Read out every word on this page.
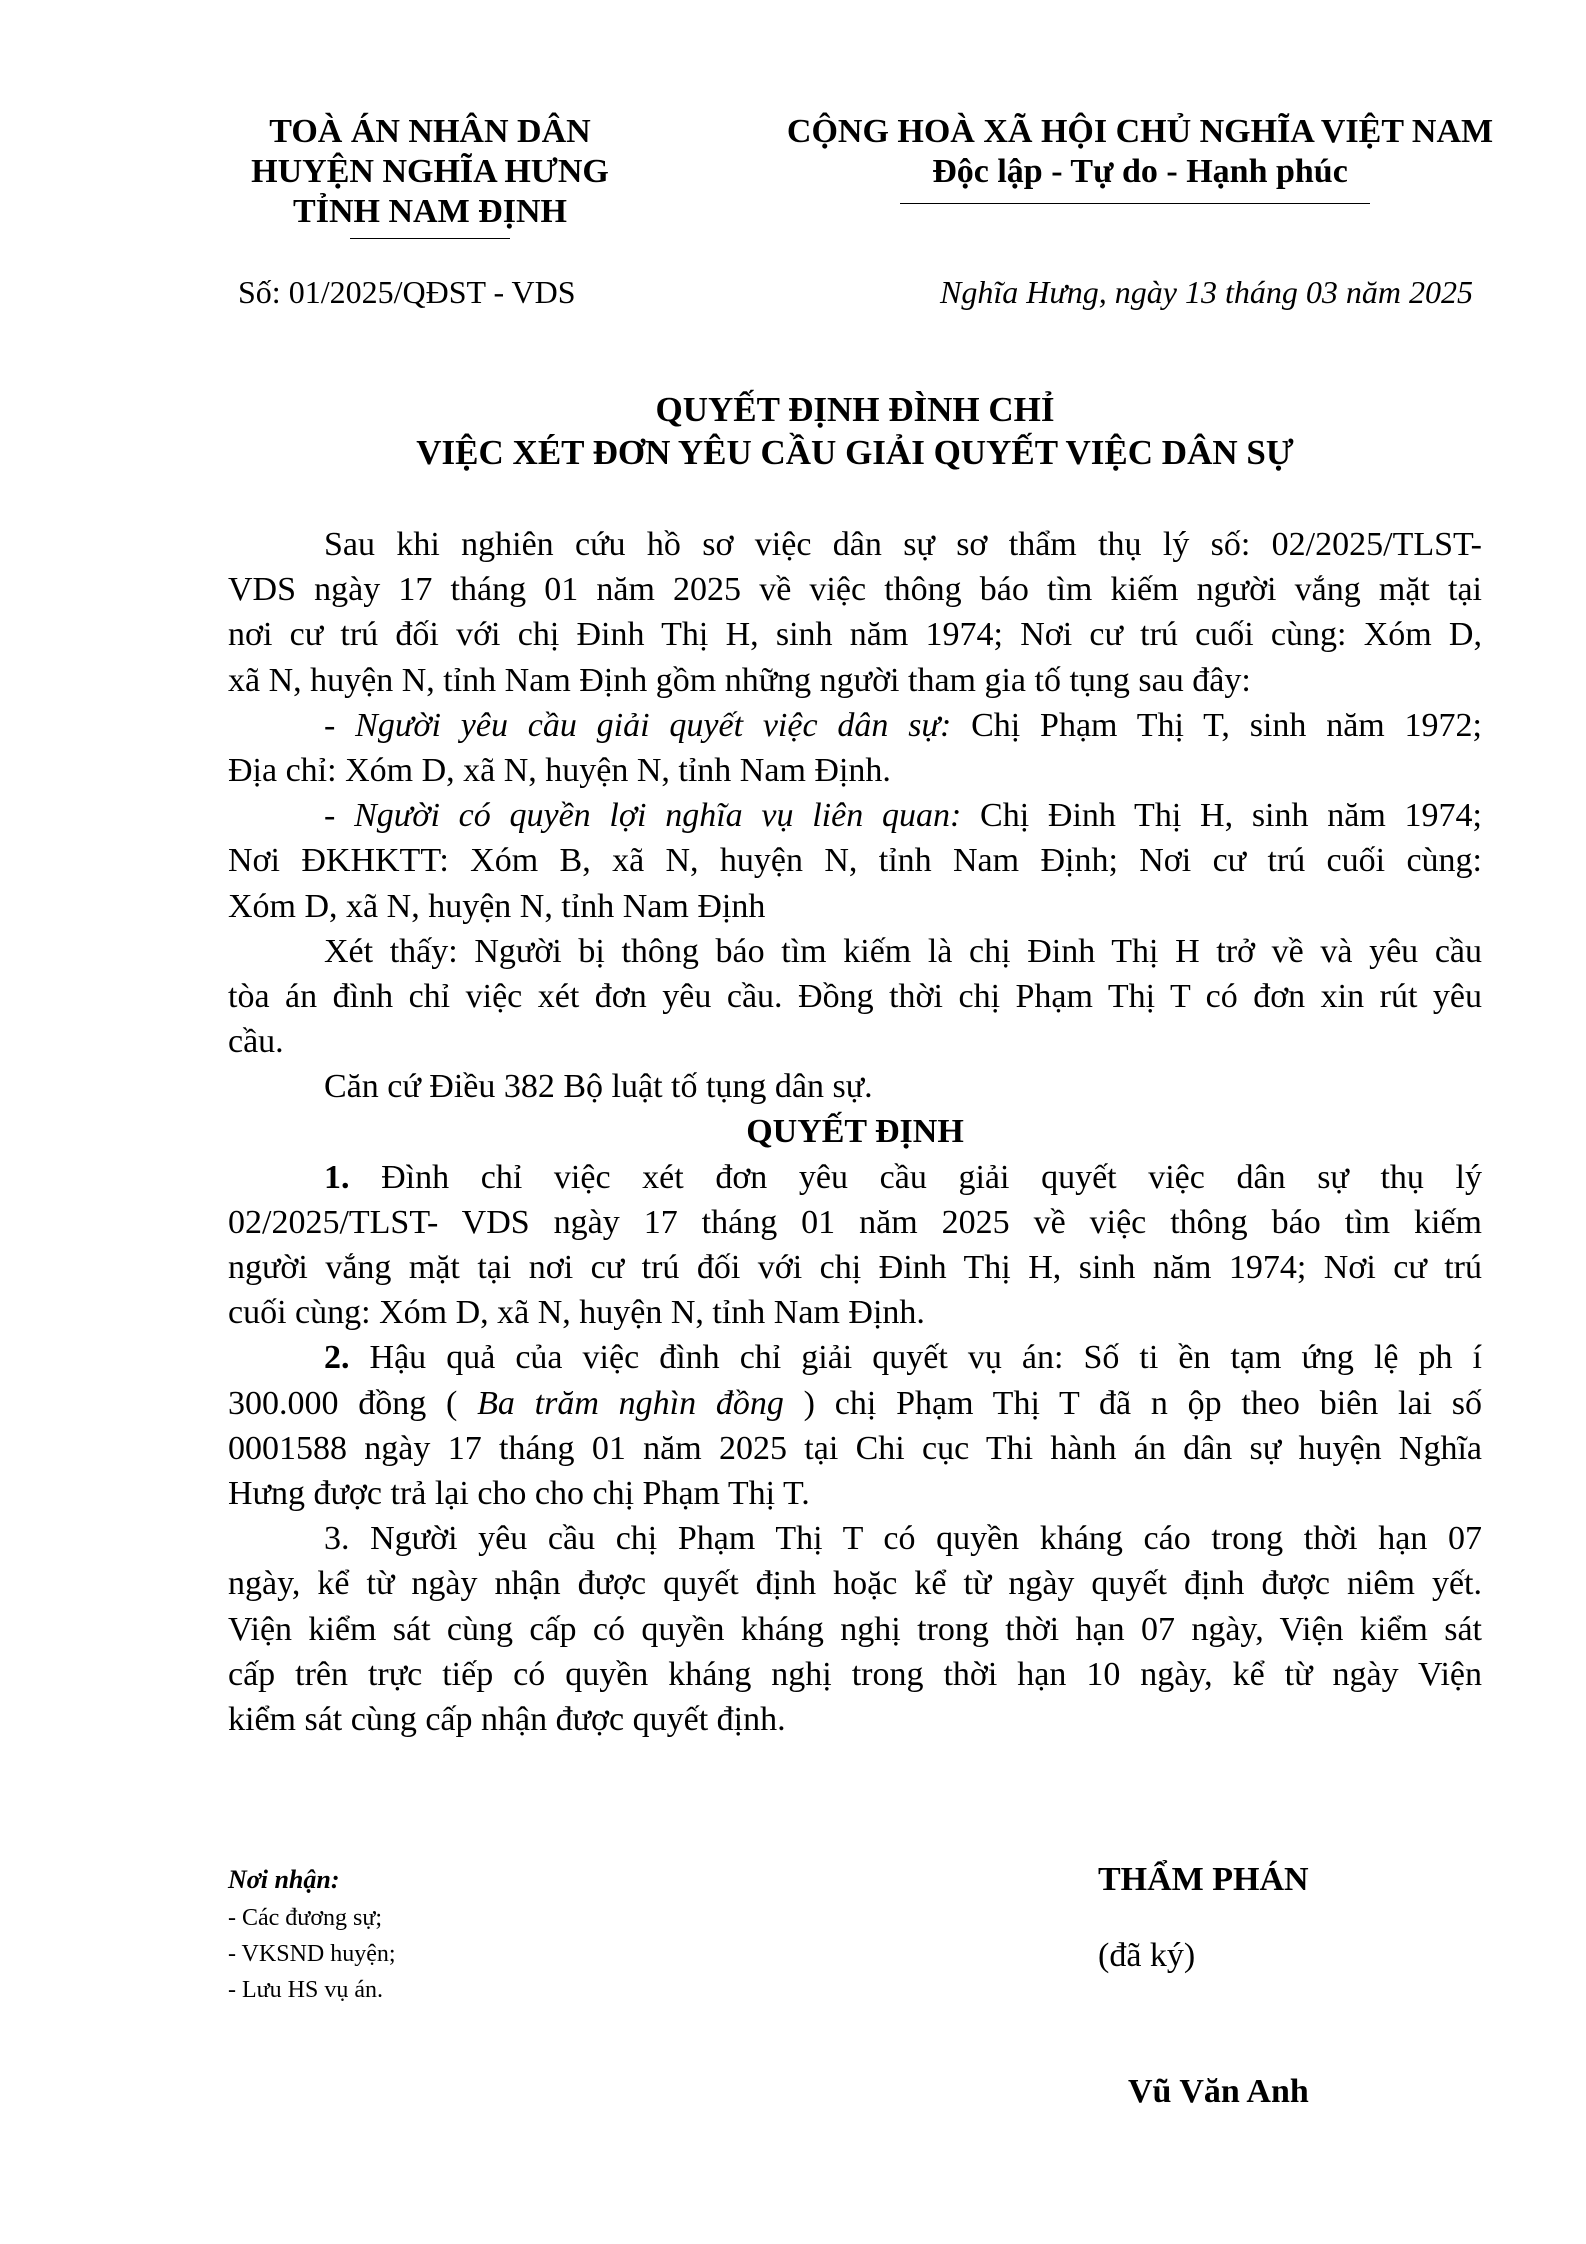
TOÀ ÁN NHÂN DÂN
HUYỆN NGHĨA HƯNG
TỈNH NAM ĐỊNH
Số: 01/2025/QĐST - VDS
CỘNG HOÀ XÃ HỘI CHỦ NGHĨA VIỆT NAM
Độc lập - Tự do - Hạnh phúc
Nghĩa Hưng, ngày 13 tháng 03 năm 2025
QUYẾT ĐỊNH ĐÌNH CHỈ
VIỆC XÉT ĐƠN YÊU CẦU GIẢI QUYẾT VIỆC DÂN SỰ
Sau khi nghiên cứu hồ sơ việc dân sự sơ thẩm thụ lý số: 02/2025/TLST-
VDS ngày 17 tháng 01 năm 2025 về việc thông báo tìm kiếm người vắng mặt tại
nơi cư trú đối với chị Đinh Thị H, sinh năm 1974; Nơi cư trú cuối cùng: Xóm D,
xã N, huyện N, tỉnh Nam Định gồm những người tham gia tố tụng sau đây:
- Người yêu cầu giải quyết việc dân sự: Chị Phạm Thị T, sinh năm 1972;
Địa chỉ: Xóm D, xã N, huyện N, tỉnh Nam Định.
- Người có quyền lợi nghĩa vụ liên quan: Chị Đinh Thị H, sinh năm 1974;
Nơi ĐKHKTT: Xóm B, xã N, huyện N, tỉnh Nam Định; Nơi cư trú cuối cùng:
Xóm D, xã N, huyện N, tỉnh Nam Định
Xét thấy: Người bị thông báo tìm kiếm là chị Đinh Thị H trở về và yêu cầu
tòa án đình chỉ việc xét đơn yêu cầu. Đồng thời chị Phạm Thị T có đơn xin rút yêu
cầu.
Căn cứ Điều 382 Bộ luật tố tụng dân sự.
QUYẾT ĐỊNH
1. Đình chỉ việc xét đơn yêu cầu giải quyết việc dân sự thụ lý
02/2025/TLST- VDS ngày 17 tháng 01 năm 2025 về việc thông báo tìm kiếm
người vắng mặt tại nơi cư trú đối với chị Đinh Thị H, sinh năm 1974; Nơi cư trú
cuối cùng: Xóm D, xã N, huyện N, tỉnh Nam Định.
2. Hậu quả của việc đình chỉ giải quyết vụ án: Số ti ền tạm ứng lệ ph í
300.000 đồng ( Ba trăm nghìn đồng ) chị Phạm Thị T đã n ộp theo biên lai số
0001588 ngày 17 tháng 01 năm 2025 tại Chi cục Thi hành án dân sự huyện Nghĩa
Hưng được trả lại cho cho chị Phạm Thị T.
3. Người yêu cầu chị Phạm Thị T có quyền kháng cáo trong thời hạn 07
ngày, kể từ ngày nhận được quyết định hoặc kể từ ngày quyết định được niêm yết.
Viện kiểm sát cùng cấp có quyền kháng nghị trong thời hạn 07 ngày, Viện kiểm sát
cấp trên trực tiếp có quyền kháng nghị trong thời hạn 10 ngày, kể từ ngày Viện
kiểm sát cùng cấp nhận được quyết định.
Nơi nhận:
- Các đương sự;
- VKSND huyện;
- Lưu HS vụ án.
THẨM PHÁN
(đã ký)
Vũ Văn Anh
